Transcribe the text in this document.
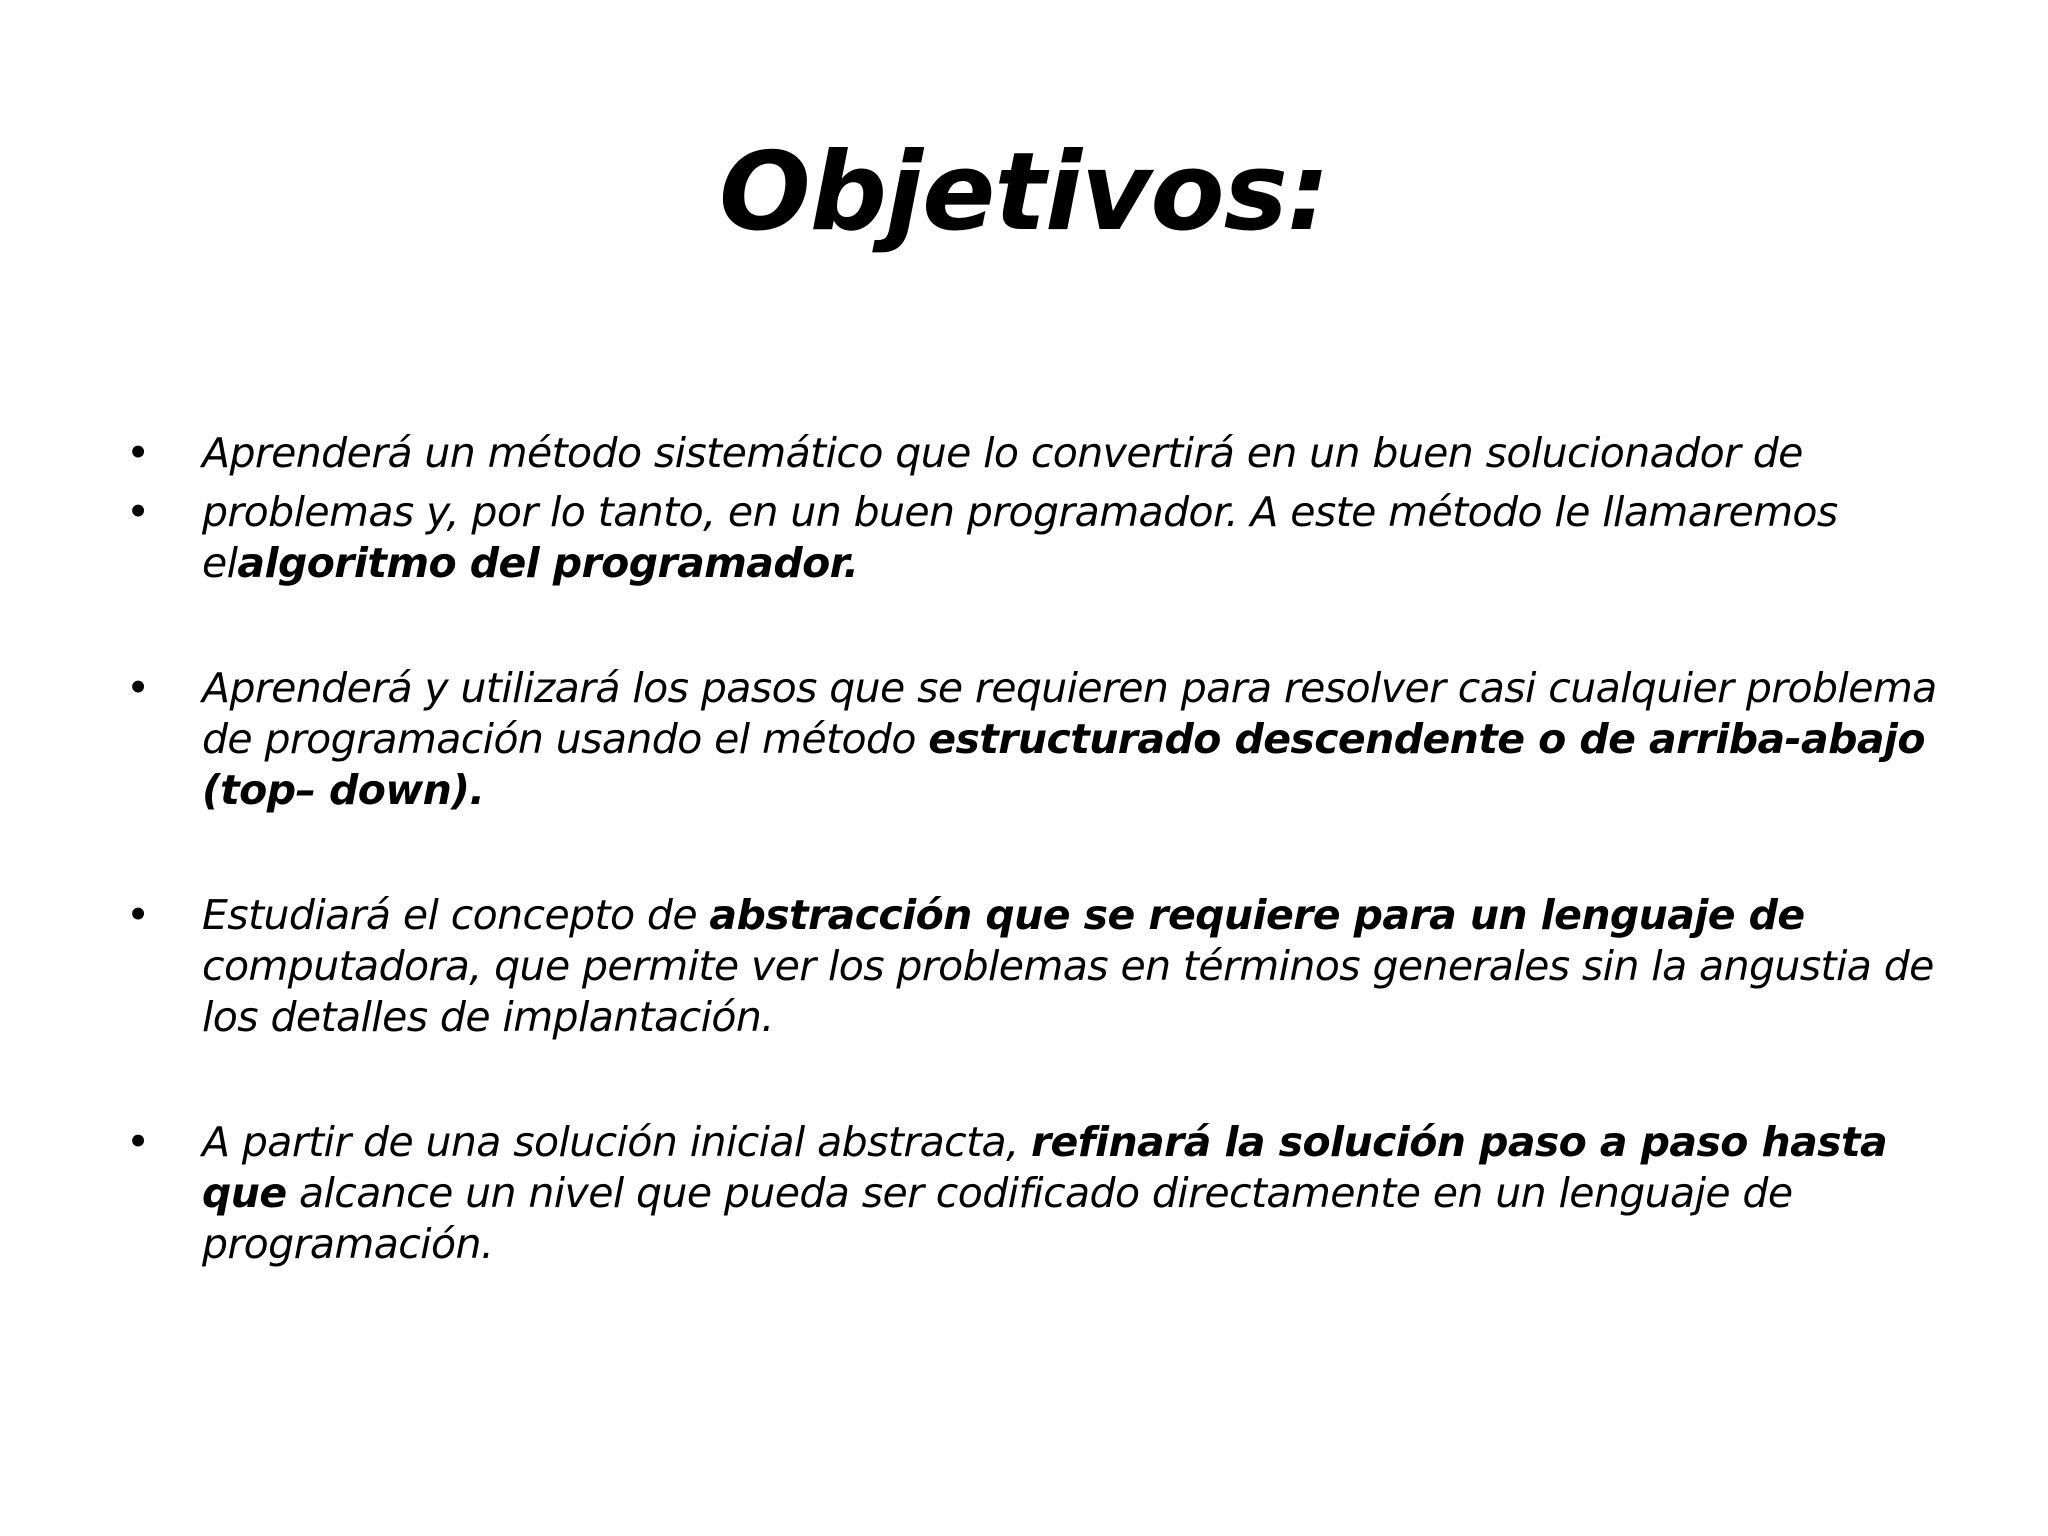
Objetivos:
• Aprenderá un método sistemático que lo convertirá en un buen solucionador de
• problemas y, por lo tanto, en un buen programador. A este método le llamaremos elalgoritmo del programador.
• Aprenderá y utilizará los pasos que se requieren para resolver casi cualquier problema de programación usando el método estructurado descendente o de arriba-abajo (top– down).
• Estudiará el concepto de abstracción que se requiere para un lenguaje de computadora, que permite ver los problemas en términos generales sin la angustia de los detalles de implantación.
• A partir de una solución inicial abstracta, refinará la solución paso a paso hasta que alcance un nivel que pueda ser codificado directamente en un lenguaje de programación.
